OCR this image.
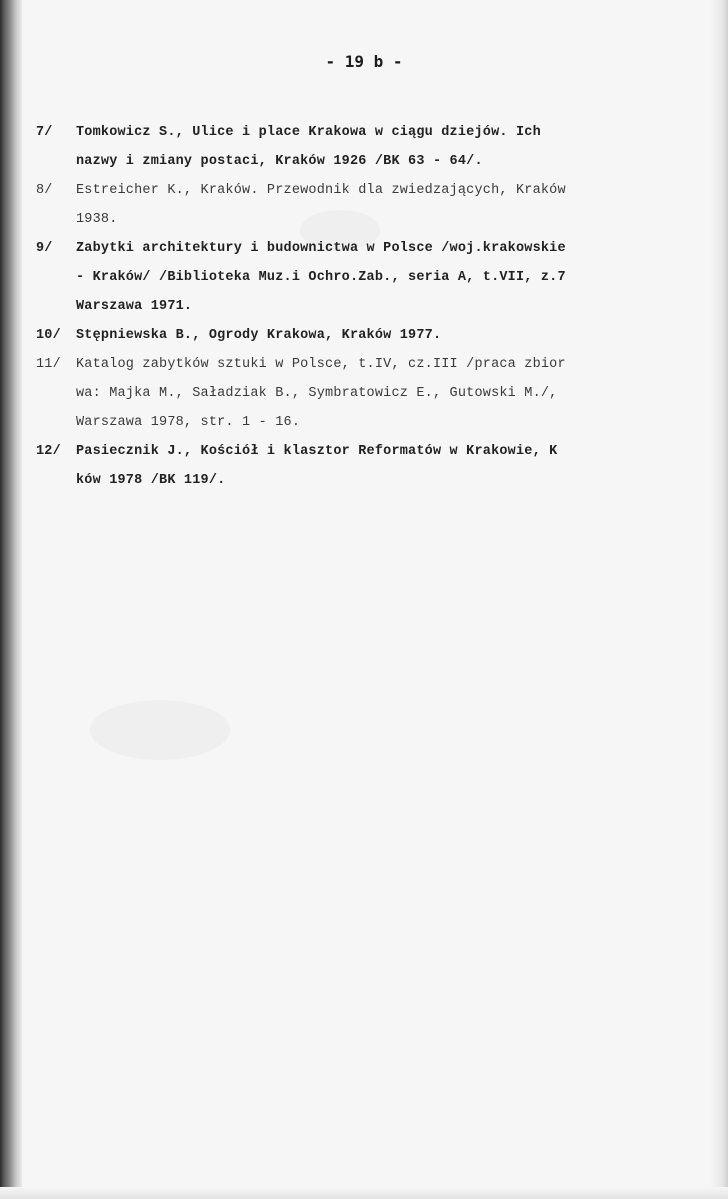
- 19 b -
7/	Tomkowicz S., Ulice i place Krakowa w ciągu dziejów. Ich
nazwy i zmiany postaci, Kraków 1926 /BK 63 - 64/.
8/	Estreicher K., Kraków. Przewodnik dla zwiedzających, Kraków
1938.
9/	Zabytki architektury i budownictwa w Polsce /woj.krakowskie
- Kraków/ /Biblioteka Muz.i Ochro.Zab., seria A, t.VII, z.7
Warszawa 1971.
10/	Stępniewska B., Ogrody Krakowa, Kraków 1977.
11/	Katalog zabytków sztuki w Polsce, t.IV, cz.III /praca zbior
wa: Majka M., Saładziak B., Symbratowicz E., Gutowski M./,
Warszawa 1978, str. 1 - 16.
12/	Pasiecznik J., Kościół i klasztor Reformatów w Krakowie, K
ków 1978 /BK 119/.
